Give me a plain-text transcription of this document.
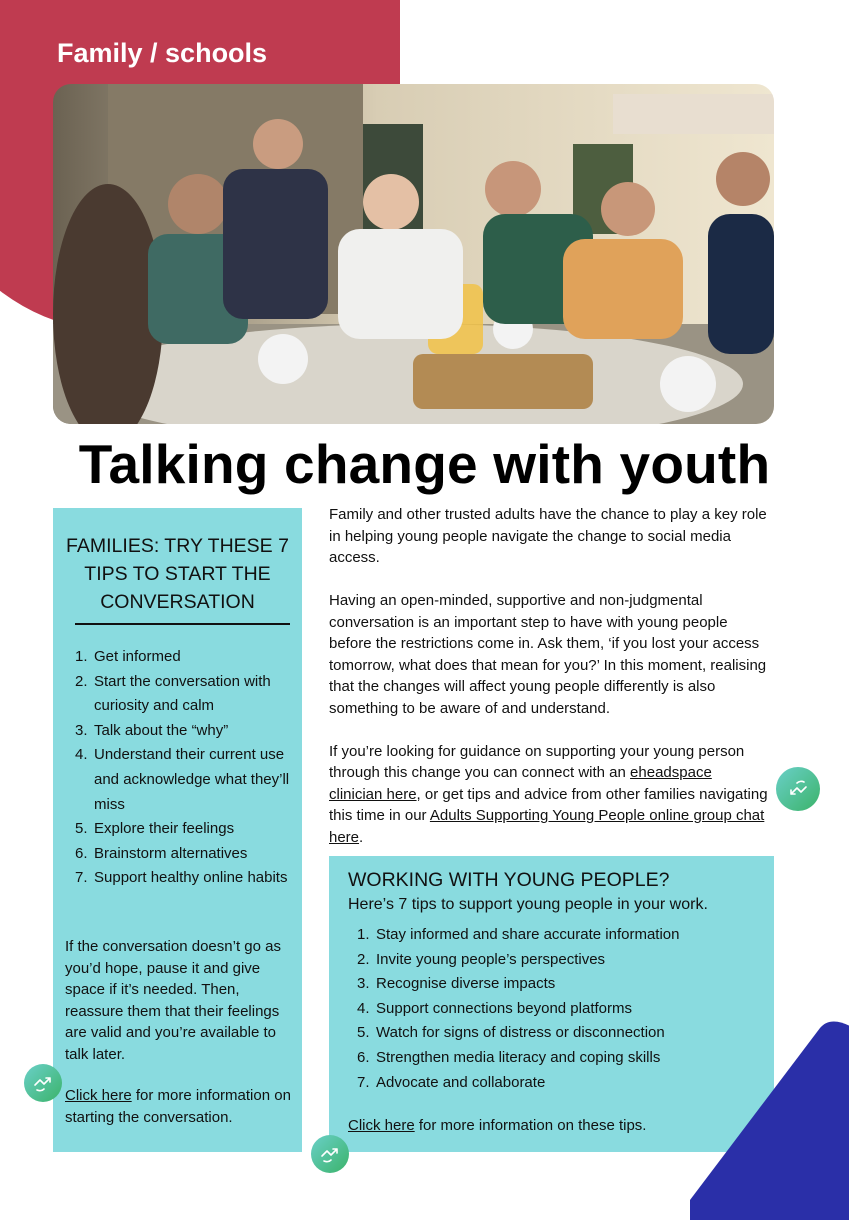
Family / schools
Talking change with youth
FAMILIES: TRY THESE 7 TIPS TO START THE CONVERSATION
1. Get informed
2. Start the conversation with curiosity and calm
3. Talk about the “why”
4. Understand their current use and acknowledge what they’ll miss
5. Explore their feelings
6. Brainstorm alternatives
7. Support healthy online habits
If the conversation doesn’t go as you’d hope, pause it and give space if it’s needed. Then, reassure them that their feelings are valid and you’re available to talk later.
Click here for more information on starting the conversation.

Family and other trusted adults have the chance to play a key role in helping young people navigate the change to social media access.

Having an open-minded, supportive and non-judgmental conversation is an important step to have with young people before the restrictions come in. Ask them, ‘if you lost your access tomorrow, what does that mean for you?’ In this moment, realising that the changes will affect young people differently is also something to be aware of and understand.

If you’re looking for guidance on supporting your young person through this change you can connect with an eheadspace clinician here, or get tips and advice from other families navigating this time in our Adults Supporting Young People online group chat here.

WORKING WITH YOUNG PEOPLE?
Here’s 7 tips to support young people in your work.
1. Stay informed and share accurate information
2. Invite young people’s perspectives
3. Recognise diverse impacts
4. Support connections beyond platforms
5. Watch for signs of distress or disconnection
6. Strengthen media literacy and coping skills
7. Advocate and collaborate
Click here for more information on these tips.
